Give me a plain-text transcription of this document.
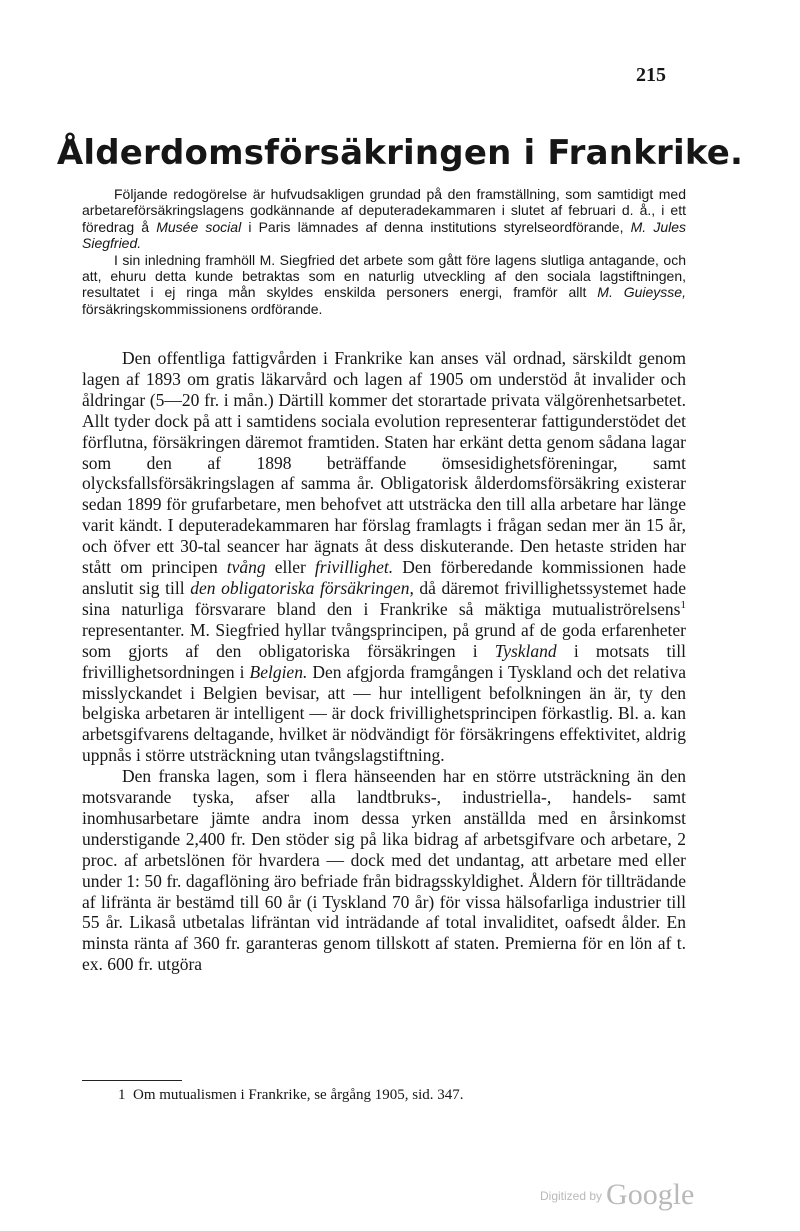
215
Ålderdomsförsäkringen i Frankrike.

Följande redogörelse är hufvudsakligen grundad på den framställning, som samtidigt med arbetareförsäkringslagens godkännande af deputeradekammaren i slutet af februari d. å., i ett föredrag å Musée social i Paris lämnades af denna institutions styrelseordförande, M. Jules Siegfried.

I sin inledning framhöll M. Siegfried det arbete som gått före lagens slutliga antagande, och att, ehuru detta kunde betraktas som en naturlig utveckling af den sociala lagstiftningen, resultatet i ej ringa mån skyldes enskilda personers energi, framför allt M. Guieysse, försäkringskommissionens ordförande.

Den offentliga fattigvården i Frankrike kan anses väl ordnad, särskildt genom lagen af 1893 om gratis läkarvård och lagen af 1905 om understöd åt invalider och åldringar (5—20 fr. i mån.) Därtill kommer det storartade privata välgörenhetsarbetet. Allt tyder dock på att i samtidens sociala evolution representerar fattigunderstödet det förflutna, försäkringen däremot framtiden. Staten har erkänt detta genom sådana lagar som den af 1898 beträffande ömsesidighetsföreningar, samt olycksfallsförsäkringslagen af samma år. Obligatorisk ålderdomsförsäkring existerar sedan 1899 för grufarbetare, men behofvet att utsträcka den till alla arbetare har länge varit kändt. I deputeradekammaren har förslag framlagts i frågan sedan mer än 15 år, och öfver ett 30-tal seancer har ägnats åt dess diskuterande. Den hetaste striden har stått om principen tvång eller frivillighet. Den förberedande kommissionen hade anslutit sig till den obligatoriska försäkringen, då däremot frivillighetssystemet hade sina naturliga försvarare bland den i Frankrike så mäktiga mutualiströrelsens$^1$ representanter. M. Siegfried hyllar tvångsprincipen, på grund af de goda erfarenheter som gjorts af den obligatoriska försäkringen i Tyskland i motsats till frivillighetsordningen i Belgien. Den afgjorda framgången i Tyskland och det relativa misslyckandet i Belgien bevisar, att — hur intelligent befolkningen än är, ty den belgiska arbetaren är intelligent — är dock frivillighetsprincipen förkastlig. Bl. a. kan arbetsgifvarens deltagande, hvilket är nödvändigt för försäkringens effektivitet, aldrig uppnås i större utsträckning utan tvångslagstiftning.

Den franska lagen, som i flera hänseenden har en större utsträckning än den motsvarande tyska, afser alla landtbruks-, industriella-, handels- samt inomhusarbetare jämte andra inom dessa yrken anställda med en årsinkomst understigande 2,400 fr. Den stöder sig på lika bidrag af arbetsgifvare och arbetare, 2 proc. af arbetslönen för hvardera — dock med det undantag, att arbetare med eller under 1: 50 fr. dagaflöning äro befriade från bidragsskyldighet. Åldern för tillträdande af lifränta är bestämd till 60 år (i Tyskland 70 år) för vissa hälsofarliga industrier till 55 år. Likaså utbetalas lifräntan vid inträdande af total invaliditet, oafsedt ålder. En minsta ränta af 360 fr. garanteras genom tillskott af staten. Premierna för en lön af t. ex. 600 fr. utgöra

1 Om mutualismen i Frankrike, se årgång 1905, sid. 347.
$^{Digitized by}$ Google
